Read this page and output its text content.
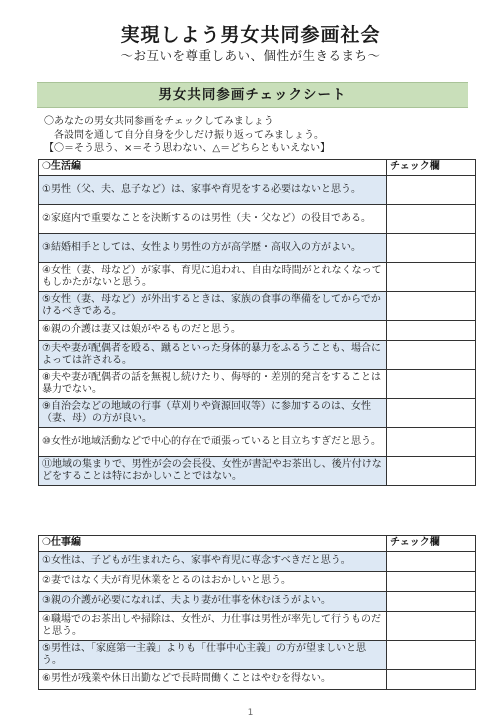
実現しよう男女共同参画社会
～お互いを尊重しあい、個性が生きるまち～
男女共同参画チェックシート
〇あなたの男女共同参画をチェックしてみましょう
各設問を通して自分自身を少しだけ振り返ってみましょう。
【〇＝そう思う、×＝そう思わない、△＝どちらともいえない】
❍生活編	チェック欄
①男性（父、夫、息子など）は、家事や育児をする必要はないと思う。	
②家庭内で重要なことを決断するのは男性（夫・父など）の役目である。	
③結婚相手としては、女性より男性の方が高学歴・高収入の方がよい。	
④女性（妻、母など）が家事、育児に追われ、自由な時間がとれなくなってもしかたがないと思う。	
⑤女性（妻、母など）が外出するときは、家族の食事の準備をしてからでかけるべきである。	
⑥親の介護は妻又は娘がやるものだと思う。	
⑦夫や妻が配偶者を殴る、蹴るといった身体的暴力をふるうことも、場合によっては許される。	
⑧夫や妻が配偶者の話を無視し続けたり、侮辱的・差別的発言をすることは暴力でない。	
⑨自治会などの地域の行事（草刈りや資源回収等）に参加するのは、女性（妻、母）の方が良い。	
⑩女性が地域活動などで中心的存在で頑張っていると目立ちすぎだと思う。	
⑪地域の集まりで、男性が会の会長役、女性が書記やお茶出し、後片付けなどをすることは特におかしいことではない。	
❍仕事編	チェック欄
①女性は、子どもが生まれたら、家事や育児に専念すべきだと思う。	
②妻ではなく夫が育児休業をとるのはおかしいと思う。	
③親の介護が必要になれば、夫より妻が仕事を休むほうがよい。	
④職場でのお茶出しや掃除は、女性が、力仕事は男性が率先して行うものだと思う。	
⑤男性は、「家庭第一主義」よりも「仕事中心主義」の方が望ましいと思う。	
⑥男性が残業や休日出勤などで長時間働くことはやむを得ない。	
1
